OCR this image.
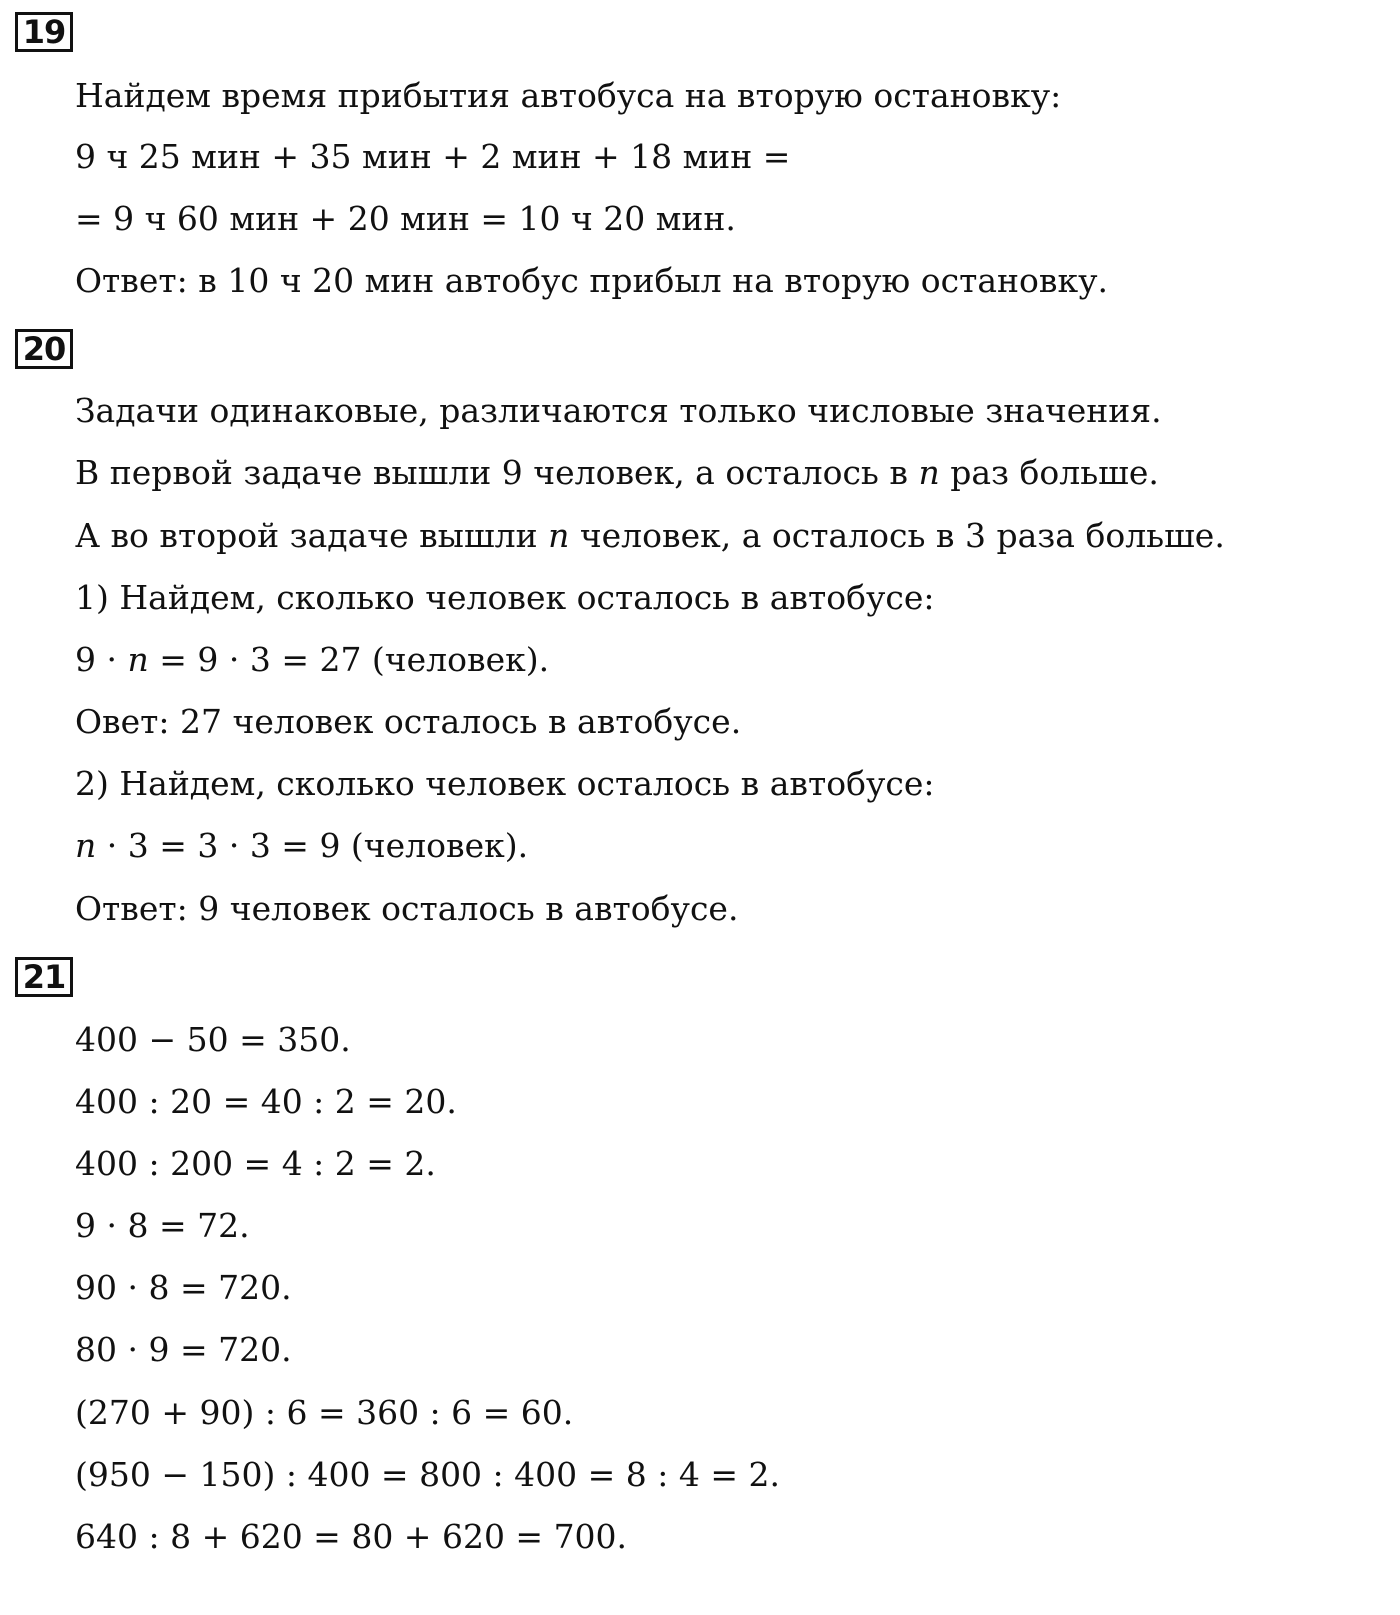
19
Найдем время прибытия автобуса на вторую остановку:
9 ч 25 мин + 35 мин + 2 мин + 18 мин =
= 9 ч 60 мин + 20 мин = 10 ч 20 мин.
Ответ: в 10 ч 20 мин автобус прибыл на вторую остановку.
20
Задачи одинаковые, различаются только числовые значения.
В первой задаче вышли 9 человек, а осталось в n раз больше.
А во второй задаче вышли n человек, а осталось в 3 раза больше.
1) Найдем, сколько человек осталось в автобусе:
9 · n = 9 · 3 = 27 (человек).
Овет: 27 человек осталось в автобусе.
2) Найдем, сколько человек осталось в автобусе:
n · 3 = 3 · 3 = 9 (человек).
Ответ: 9 человек осталось в автобусе.
21
400 − 50 = 350.
400 : 20 = 40 : 2 = 20.
400 : 200 = 4 : 2 = 2.
9 · 8 = 72.
90 · 8 = 720.
80 · 9 = 720.
(270 + 90) : 6 = 360 : 6 = 60.
(950 − 150) : 400 = 800 : 400 = 8 : 4 = 2.
640 : 8 + 620 = 80 + 620 = 700.
